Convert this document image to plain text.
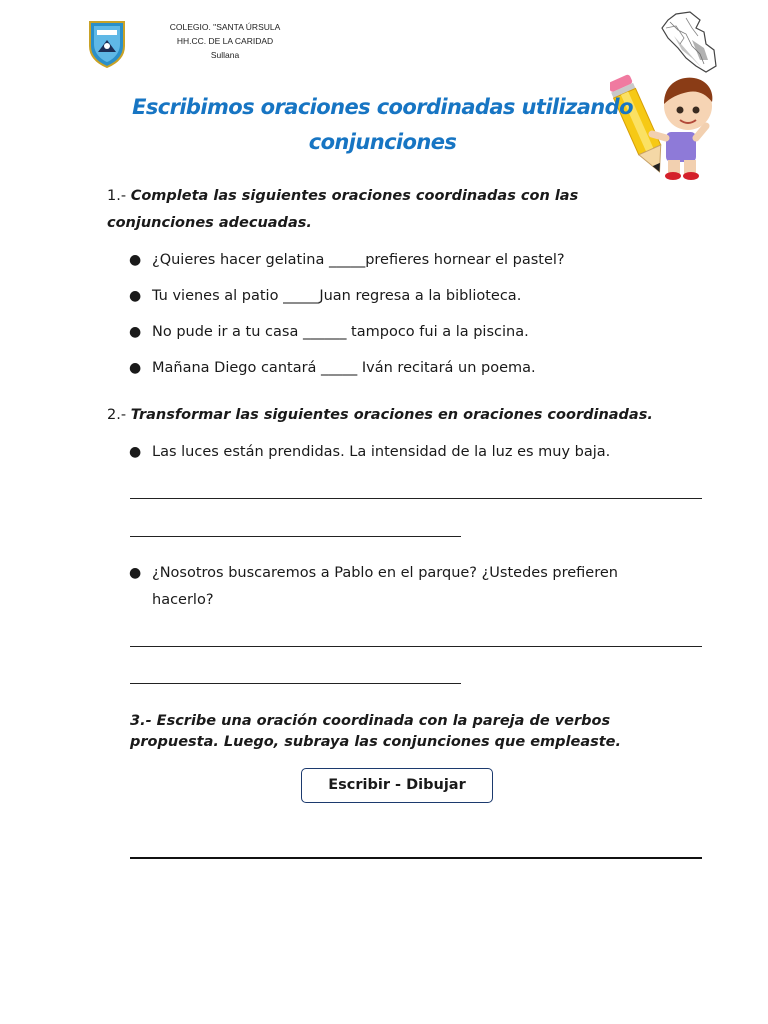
COLEGIO. "SANTA ÚRSULA
HH.CC. DE LA CARIDAD
Sullana
Escribimos oraciones coordinadas utilizando
conjunciones
1.- Completa las siguientes oraciones coordinadas con las conjunciones adecuadas.
● ¿Quieres hacer gelatina _____prefieres hornear el pastel?
● Tu vienes al patio _____Juan regresa a la biblioteca.
● No pude ir a tu casa ______ tampoco fui a la piscina.
● Mañana Diego cantará _____ Iván recitará un poema.
2.- Transformar las siguientes oraciones en oraciones coordinadas.
● Las luces están prendidas. La intensidad de la luz es muy baja.
● ¿Nosotros buscaremos a Pablo en el parque? ¿Ustedes prefieren hacerlo?
3.- Escribe una oración coordinada con la pareja de verbos propuesta. Luego, subraya las conjunciones que empleaste.
Escribir - Dibujar
